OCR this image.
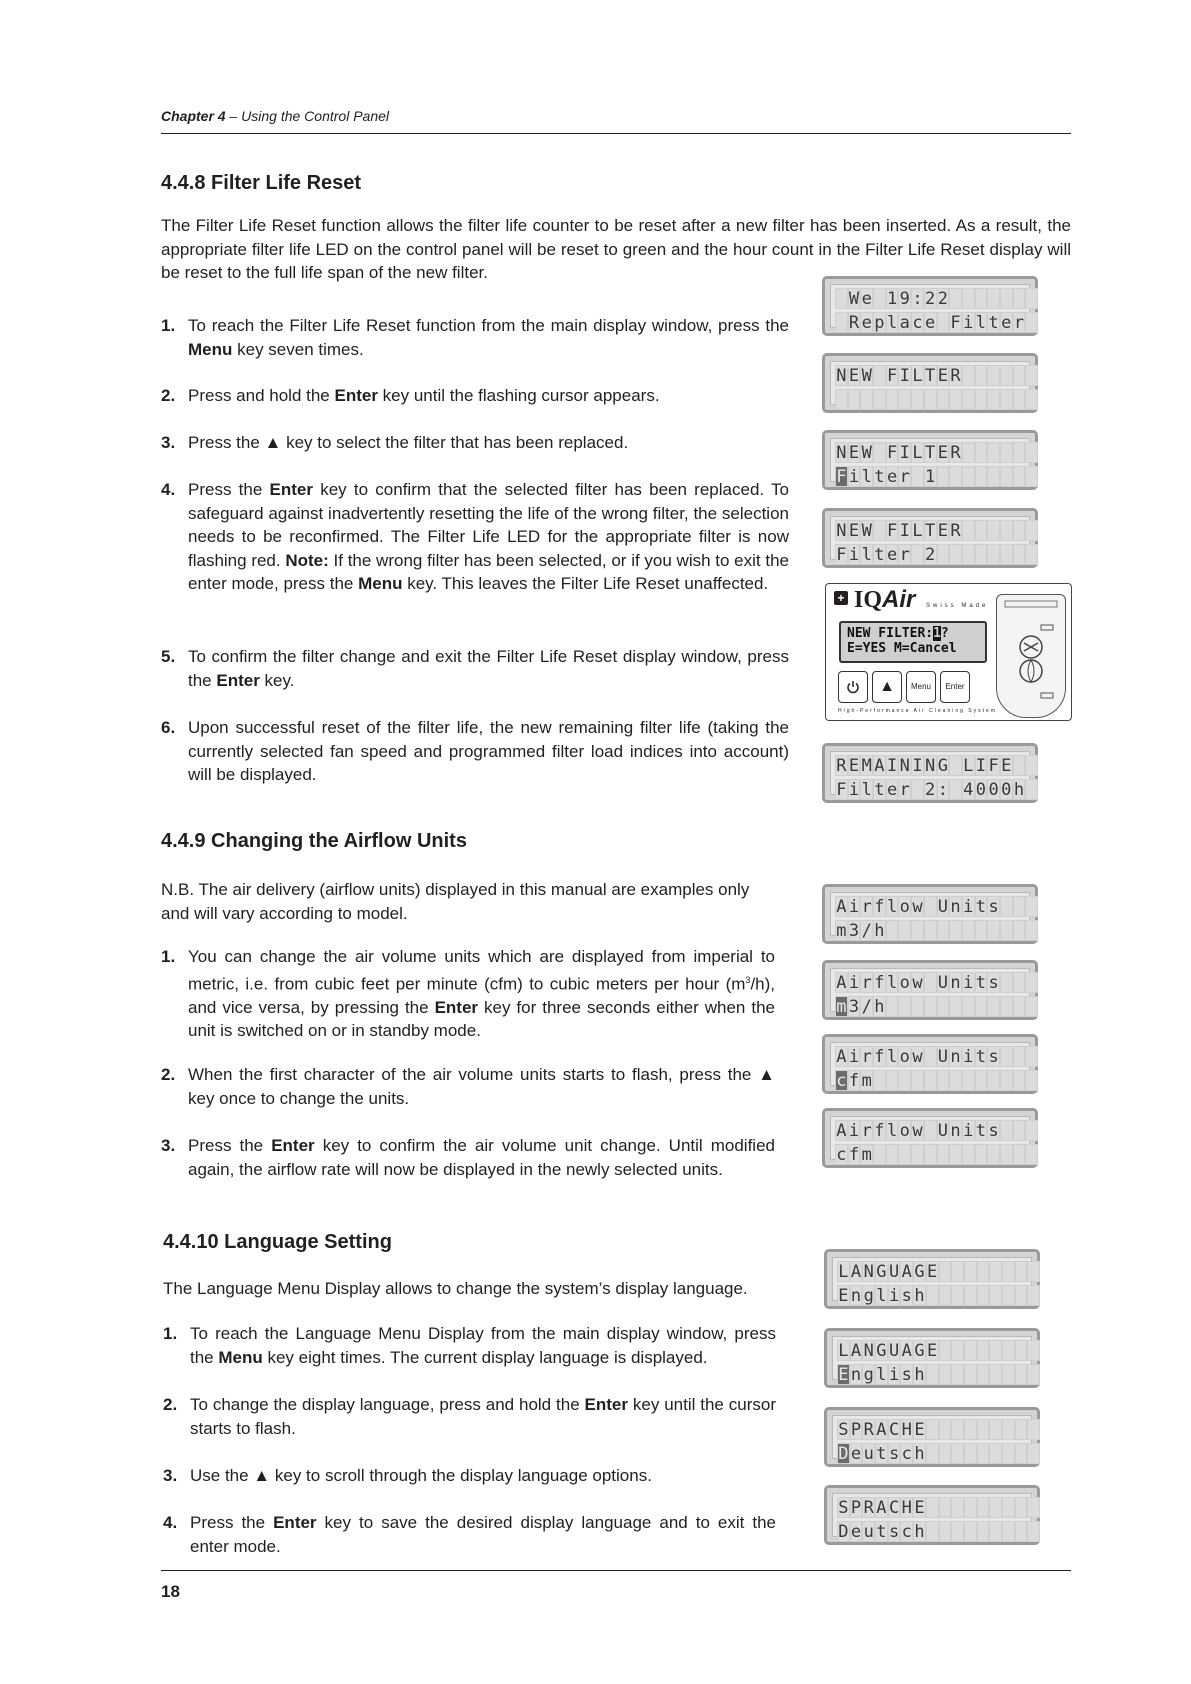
Chapter 4 – Using the Control Panel
4.4.8 Filter Life Reset

The Filter Life Reset function allows the filter life counter to be reset after a new filter has been inserted. As a result, the appropriate filter life LED on the control panel will be reset to green and the hour count in the Filter Life Reset display will be reset to the full life span of the new filter.

1. To reach the Filter Life Reset function from the main display window, press the Menu key seven times.
2. Press and hold the Enter key until the flashing cursor appears.
3. Press the ▲ key to select the filter that has been replaced.
4. Press the Enter key to confirm that the selected filter has been replaced. To safeguard against inadvertently resetting the life of the wrong filter, the selection needs to be reconfirmed. The Filter Life LED for the appropriate filter is now flashing red. Note: If the wrong filter has been selected, or if you wish to exit the enter mode, press the Menu key. This leaves the Filter Life Reset unaffected.
5. To confirm the filter change and exit the Filter Life Reset display window, press the Enter key.
6. Upon successful reset of the filter life, the new remaining filter life (taking the currently selected fan speed and programmed filter load indices into account) will be displayed.
4.4.9 Changing the Airflow Units

N.B. The air delivery (airflow units) displayed in this manual are examples only and will vary according to model.

1. You can change the air volume units which are displayed from imperial to metric, i.e. from cubic feet per minute (cfm) to cubic meters per hour $(m^3/h)$, and vice versa, by pressing the Enter key for three seconds either when the unit is switched on or in standby mode.
2. When the first character of the air volume units starts to flash, press the ▲ key once to change the units.
3. Press the Enter key to confirm the air volume unit change. Until modified again, the airflow rate will now be displayed in the newly selected units.
4.4.10 Language Setting

The Language Menu Display allows to change the system’s display language.

1. To reach the Language Menu Display from the main display window, press the Menu key eight times. The current display language is displayed.
2. To change the display language, press and hold the Enter key until the cursor starts to flash.
3. Use the ▲ key to scroll through the display language options.
4. Press the Enter key to save the desired display language and to exit the enter mode.
W e 1 9 : 2 2
R e p l a c e F i l t e r
N E W F I L T E R
N E W F I L T E R
F i l t e r 1
N E W F I L T E R
F i l t e r 2
R E M A I N I N G L I F E
F i l t e r 2 : 4 0 0 0 h
A i r f l o w U n i t s
m 3 / h
A i r f l o w U n i t s
m 3 / h
A i r f l o w U n i t s
c f m
A i r f l o w U n i t s
c f m
L A N G U A G E
E n g l i s h
L A N G U A G E
E n g l i s h
S P R A C H E
D e u t s c h
S P R A C H E
D e u t s c h
+ IQAir Swiss Made
NEW FILTER:1?
E=YES M=Cancel
▲	Menu	Enter
High-Performance Air Cleaning System
18
